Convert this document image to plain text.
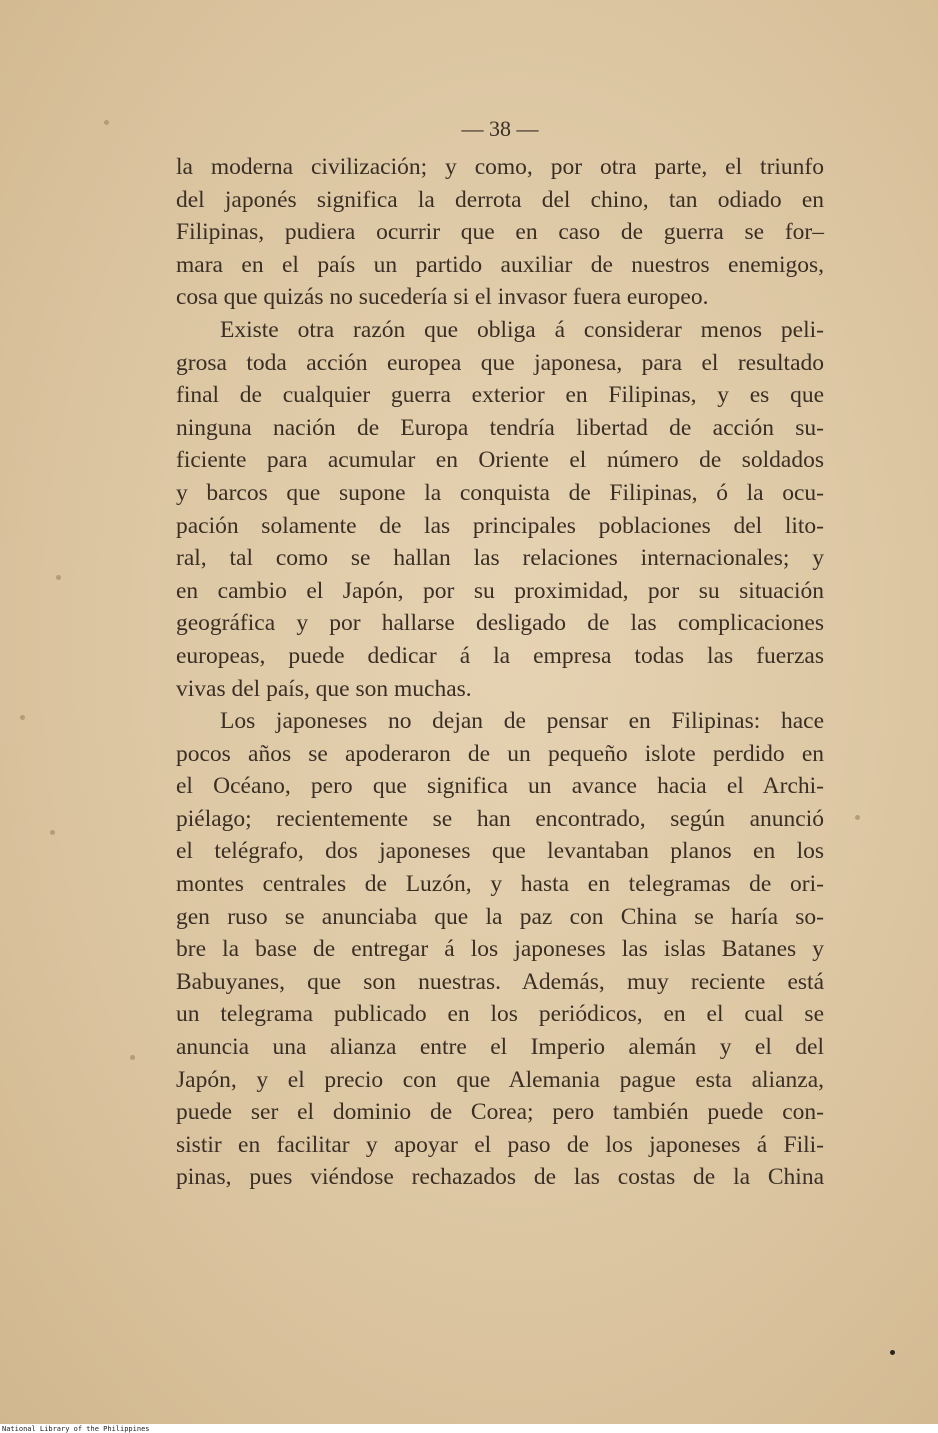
— 38 —
la moderna civilización; y como, por otra parte, el triunfo
del japonés significa la derrota del chino, tan odiado en
Filipinas, pudiera ocurrir que en caso de guerra se for–
mara en el país un partido auxiliar de nuestros enemigos,
cosa que quizás no sucedería si el invasor fuera europeo.
Existe otra razón que obliga á considerar menos peli-
grosa toda acción europea que japonesa, para el resultado
final de cualquier guerra exterior en Filipinas, y es que
ninguna nación de Europa tendría libertad de acción su-
ficiente para acumular en Oriente el número de soldados
y barcos que supone la conquista de Filipinas, ó la ocu-
pación solamente de las principales poblaciones del lito-
ral, tal como se hallan las relaciones internacionales; y
en cambio el Japón, por su proximidad, por su situación
geográfica y por hallarse desligado de las complicaciones
europeas, puede dedicar á la empresa todas las fuerzas
vivas del país, que son muchas.
Los japoneses no dejan de pensar en Filipinas: hace
pocos años se apoderaron de un pequeño islote perdido en
el Océano, pero que significa un avance hacia el Archi-
piélago; recientemente se han encontrado, según anunció
el telégrafo, dos japoneses que levantaban planos en los
montes centrales de Luzón, y hasta en telegramas de ori-
gen ruso se anunciaba que la paz con China se haría so-
bre la base de entregar á los japoneses las islas Batanes y
Babuyanes, que son nuestras. Además, muy reciente está
un telegrama publicado en los periódicos, en el cual se
anuncia una alianza entre el Imperio alemán y el del
Japón, y el precio con que Alemania pague esta alianza,
puede ser el dominio de Corea; pero también puede con-
sistir en facilitar y apoyar el paso de los japoneses á Fili-
pinas, pues viéndose rechazados de las costas de la China
National Library of the Philippines
